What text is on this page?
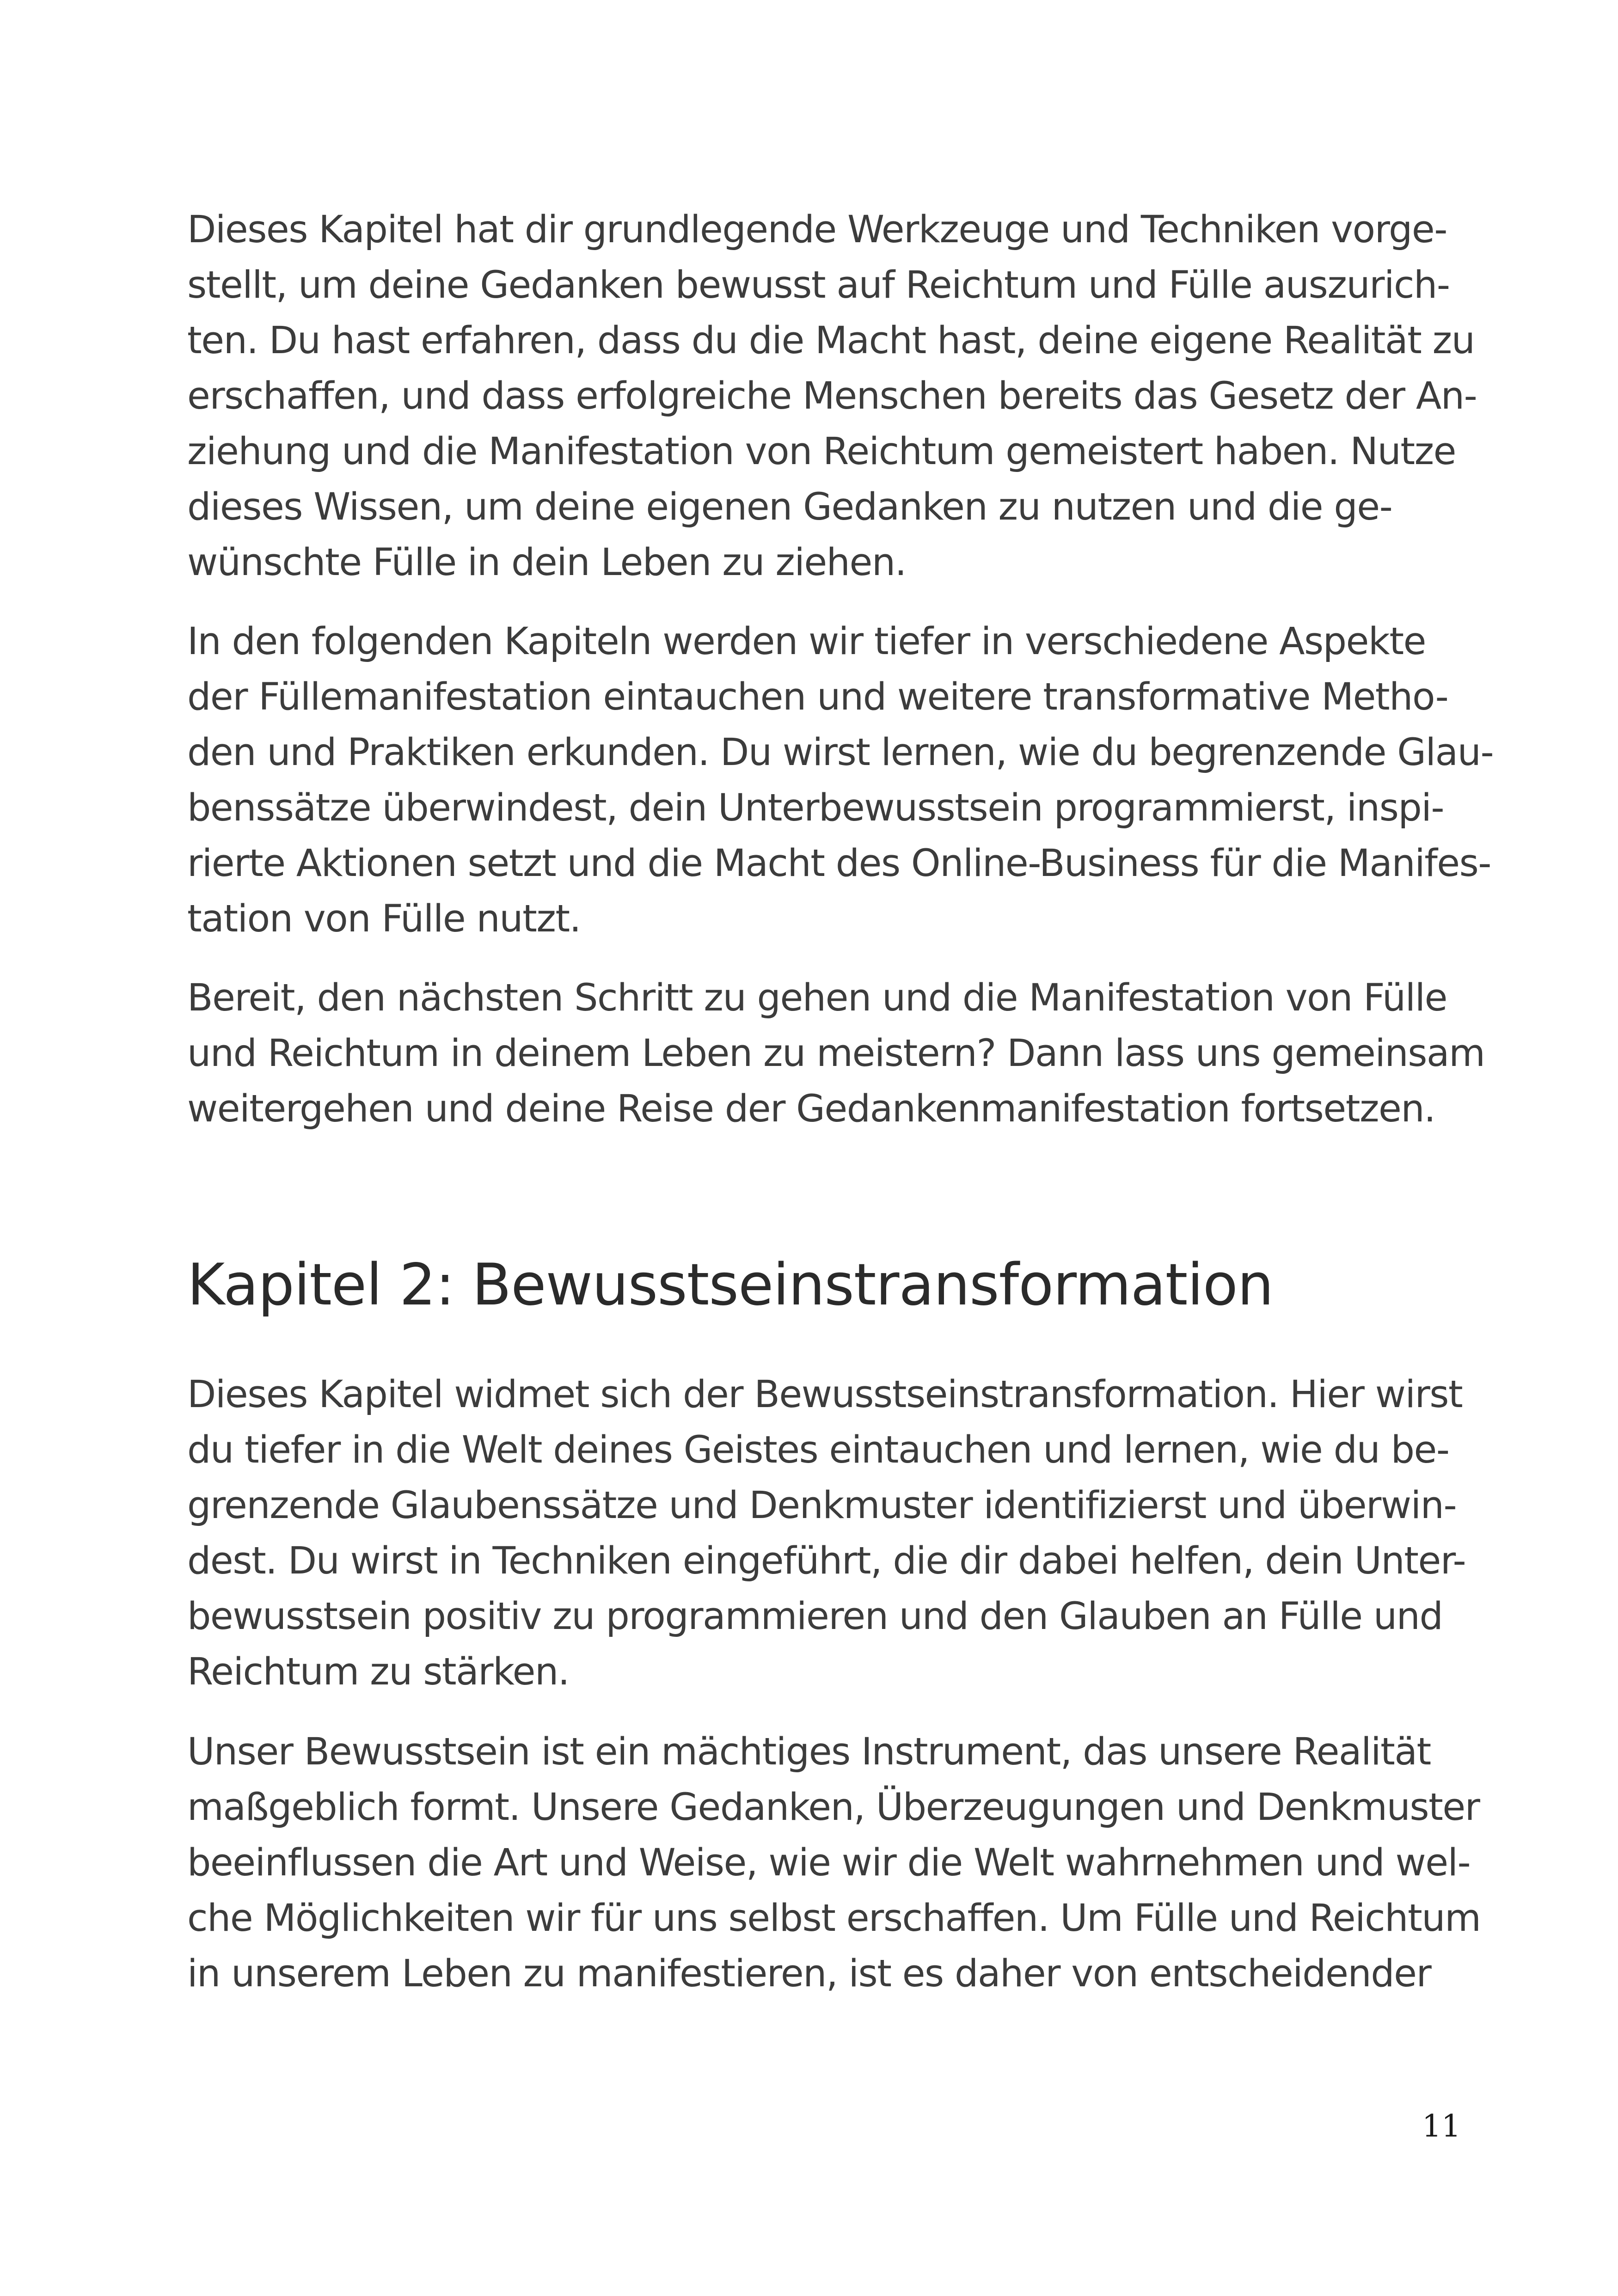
Dieses Kapitel hat dir grundlegende Werkzeuge und Techniken vorge-
stellt, um deine Gedanken bewusst auf Reichtum und Fülle auszurich-
ten. Du hast erfahren, dass du die Macht hast, deine eigene Realität zu
erschaffen, und dass erfolgreiche Menschen bereits das Gesetz der An-
ziehung und die Manifestation von Reichtum gemeistert haben. Nutze
dieses Wissen, um deine eigenen Gedanken zu nutzen und die ge-
wünschte Fülle in dein Leben zu ziehen.
In den folgenden Kapiteln werden wir tiefer in verschiedene Aspekte
der Füllemanifestation eintauchen und weitere transformative Metho-
den und Praktiken erkunden. Du wirst lernen, wie du begrenzende Glau-
benssätze überwindest, dein Unterbewusstsein programmierst, inspi-
rierte Aktionen setzt und die Macht des Online-Business für die Manifes-
tation von Fülle nutzt.
Bereit, den nächsten Schritt zu gehen und die Manifestation von Fülle
und Reichtum in deinem Leben zu meistern? Dann lass uns gemeinsam
weitergehen und deine Reise der Gedankenmanifestation fortsetzen.
Kapitel 2: Bewusstseinstransformation
Dieses Kapitel widmet sich der Bewusstseinstransformation. Hier wirst
du tiefer in die Welt deines Geistes eintauchen und lernen, wie du be-
grenzende Glaubenssätze und Denkmuster identifizierst und überwin-
dest. Du wirst in Techniken eingeführt, die dir dabei helfen, dein Unter-
bewusstsein positiv zu programmieren und den Glauben an Fülle und
Reichtum zu stärken.
Unser Bewusstsein ist ein mächtiges Instrument, das unsere Realität
maßgeblich formt. Unsere Gedanken, Überzeugungen und Denkmuster
beeinflussen die Art und Weise, wie wir die Welt wahrnehmen und wel-
che Möglichkeiten wir für uns selbst erschaffen. Um Fülle und Reichtum
in unserem Leben zu manifestieren, ist es daher von entscheidender
11
